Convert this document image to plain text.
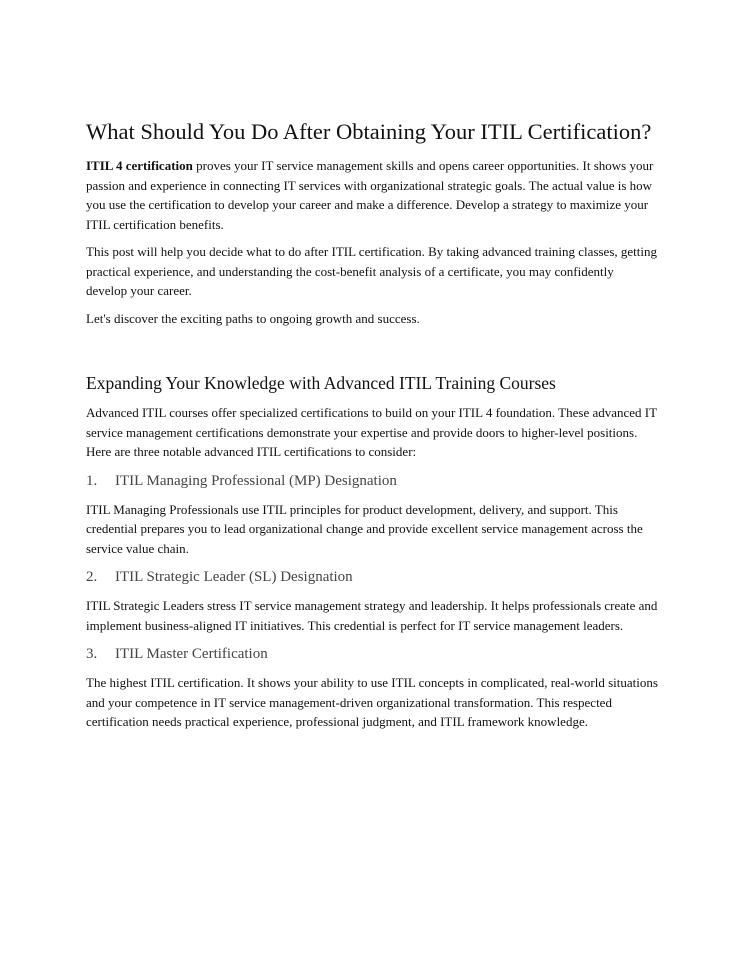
What Should You Do After Obtaining Your ITIL Certification?

ITIL 4 certification proves your IT service management skills and opens career opportunities. It shows your passion and experience in connecting IT services with organizational strategic goals. The actual value is how you use the certification to develop your career and make a difference. Develop a strategy to maximize your ITIL certification benefits.

This post will help you decide what to do after ITIL certification. By taking advanced training classes, getting practical experience, and understanding the cost-benefit analysis of a certificate, you may confidently develop your career.

Let's discover the exciting paths to ongoing growth and success.

Expanding Your Knowledge with Advanced ITIL Training Courses

Advanced ITIL courses offer specialized certifications to build on your ITIL 4 foundation. These advanced IT service management certifications demonstrate your expertise and provide doors to higher-level positions. Here are three notable advanced ITIL certifications to consider:

1. ITIL Managing Professional (MP) Designation

ITIL Managing Professionals use ITIL principles for product development, delivery, and support. This credential prepares you to lead organizational change and provide excellent service management across the service value chain.

2. ITIL Strategic Leader (SL) Designation

ITIL Strategic Leaders stress IT service management strategy and leadership. It helps professionals create and implement business-aligned IT initiatives. This credential is perfect for IT service management leaders.

3. ITIL Master Certification

The highest ITIL certification. It shows your ability to use ITIL concepts in complicated, real-world situations and your competence in IT service management-driven organizational transformation. This respected certification needs practical experience, professional judgment, and ITIL framework knowledge.
